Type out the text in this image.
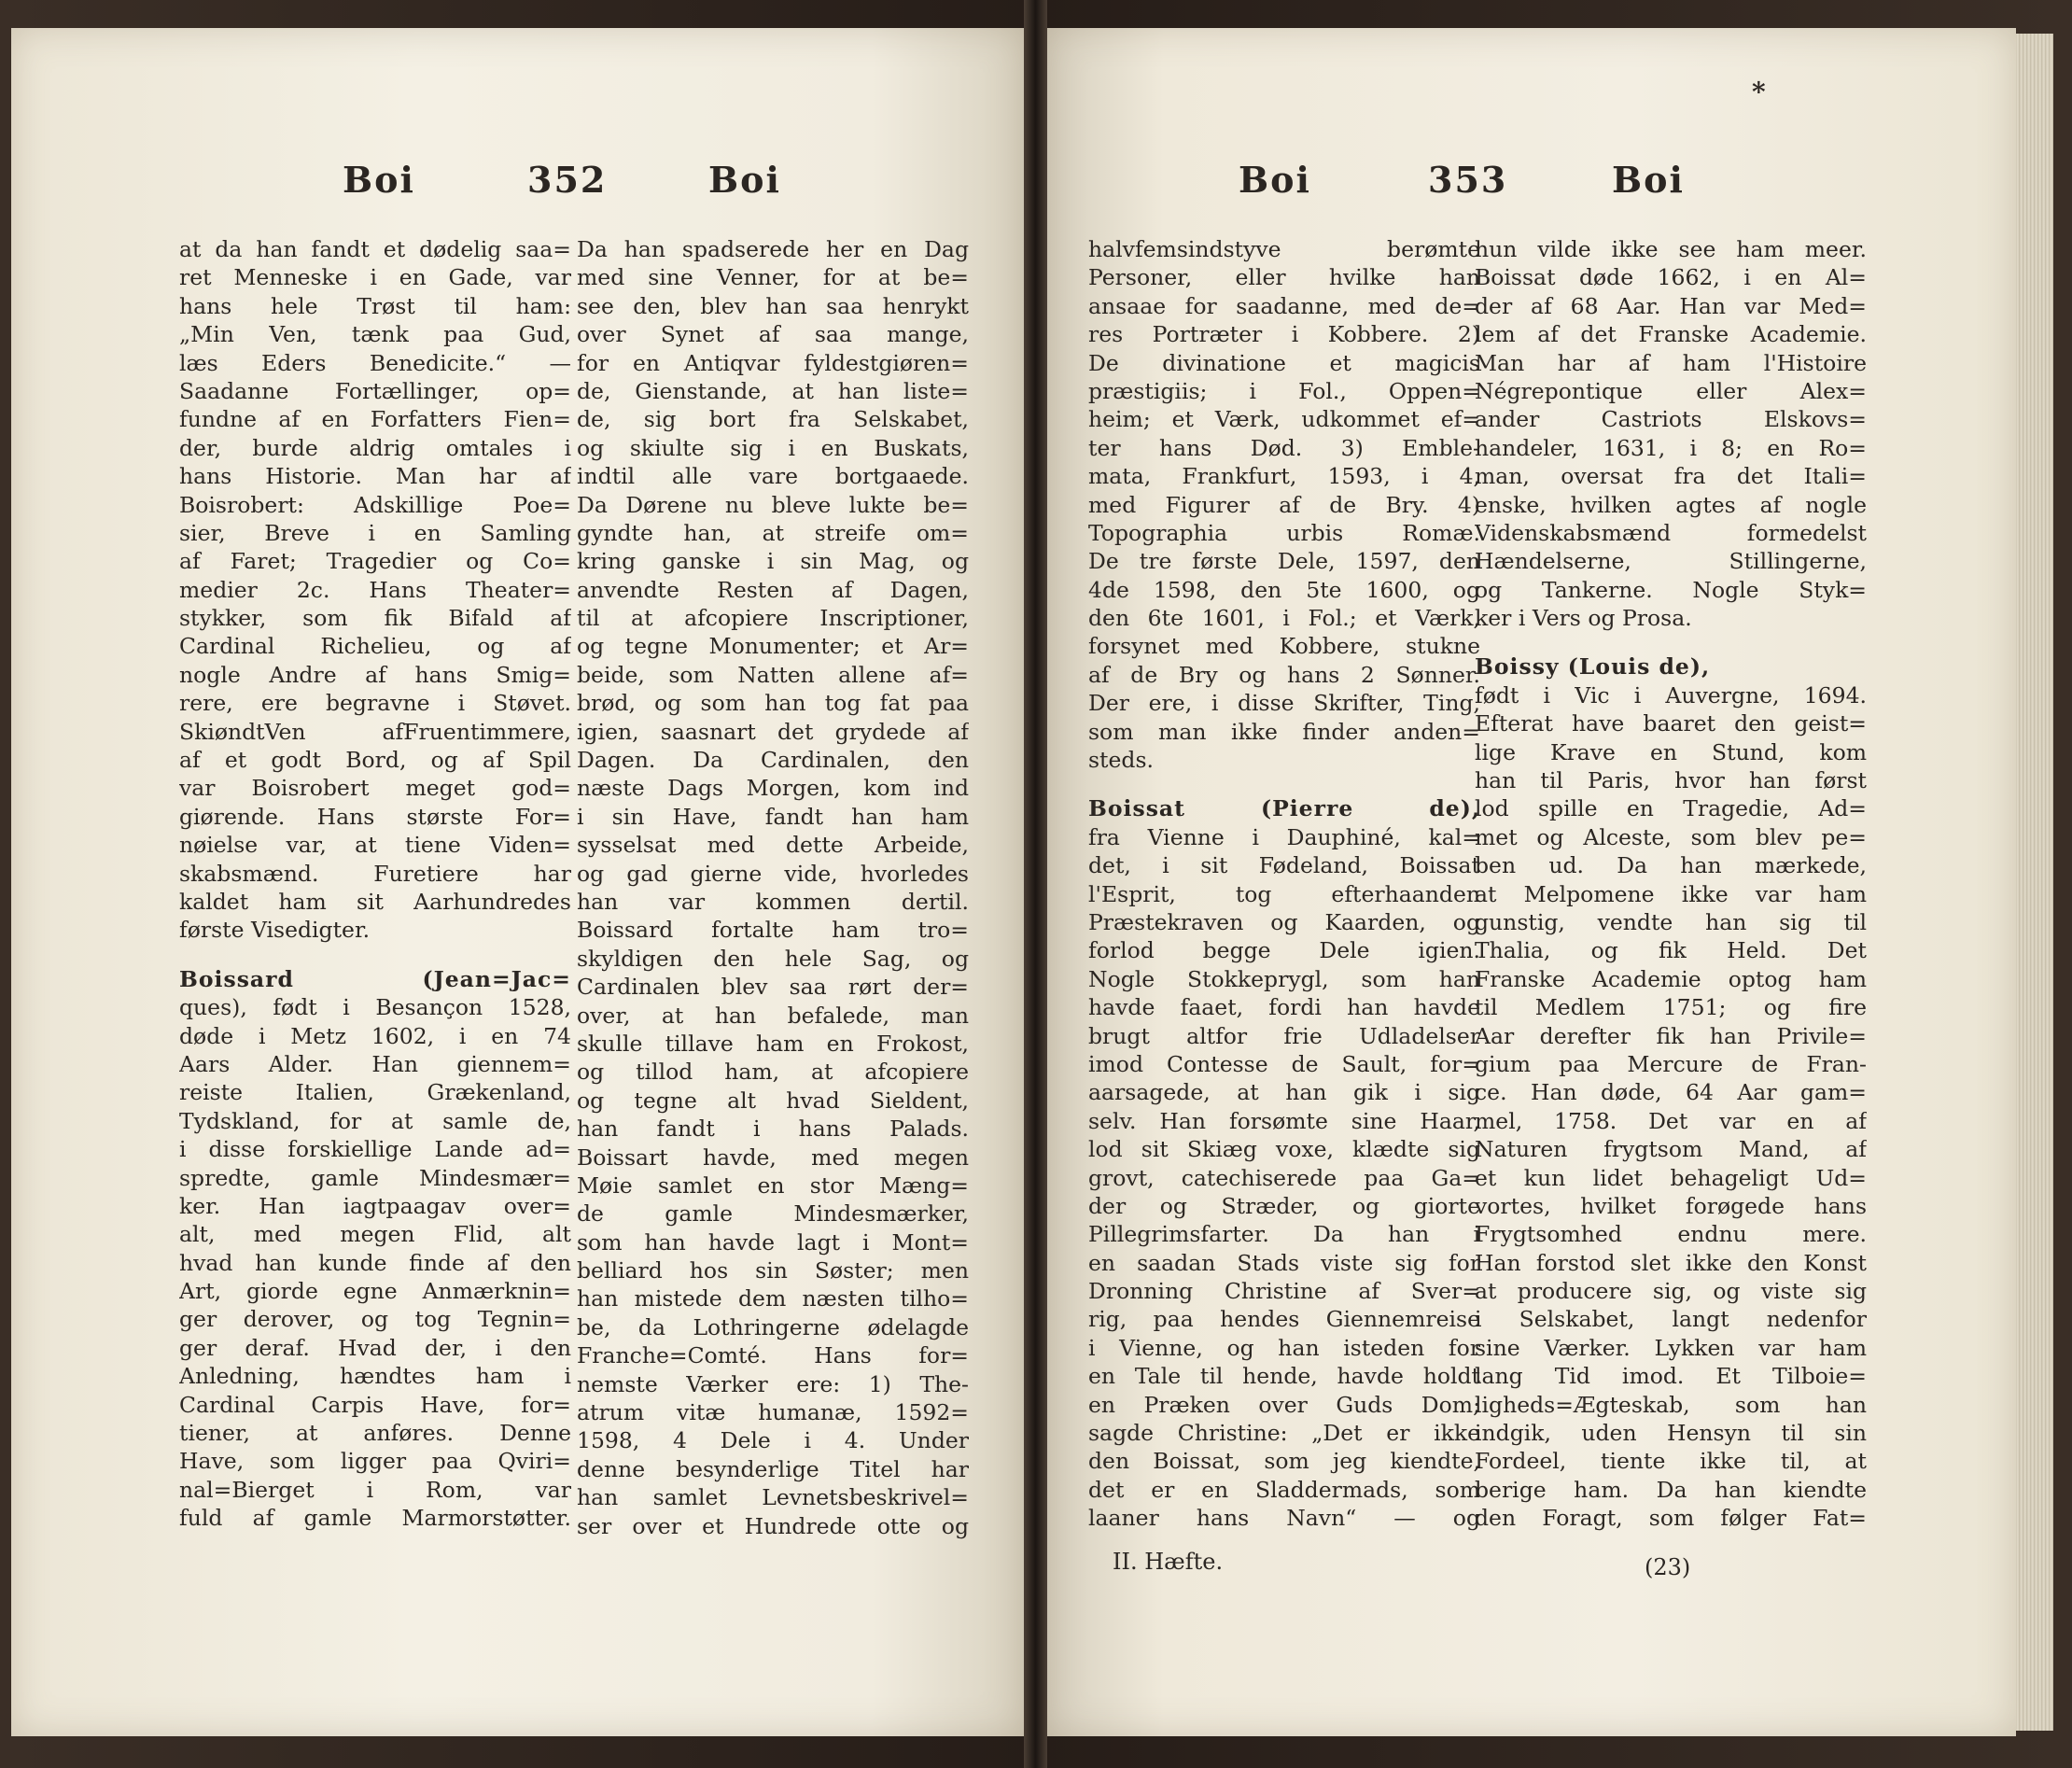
Boi	352	Boi
at da han fandt et dødelig saa=
ret Menneske i en Gade, var
hans hele Trøst til ham:
„Min Ven, tænk paa Gud,
læs Eders Benedicite.“ —
Saadanne Fortællinger, op=
fundne af en Forfatters Fien=
der, burde aldrig omtales i
hans Historie. Man har af
Boisrobert: Adskillige Poe=
sier, Breve i en Samling
af Faret; Tragedier og Co=
medier 2c. Hans Theater=
stykker, som fik Bifald af
Cardinal Richelieu, og af
nogle Andre af hans Smig=
rere, ere begravne i Støvet.
SkiøndtVen afFruentimmere,
af et godt Bord, og af Spil
var Boisrobert meget god=
giørende. Hans største For=
nøielse var, at tiene Viden=
skabsmænd. Furetiere har
kaldet ham sit Aarhundredes
første Visedigter.
Boissard (Jean=Jac=
ques), født i Besançon 1528,
døde i Metz 1602, i en 74
Aars Alder. Han giennem=
reiste Italien, Grækenland,
Tydskland, for at samle de,
i disse forskiellige Lande ad=
spredte, gamle Mindesmær=
ker. Han iagtpaagav over=
alt, med megen Flid, alt
hvad han kunde finde af den
Art, giorde egne Anmærknin=
ger derover, og tog Tegnin=
ger deraf. Hvad der, i den
Anledning, hændtes ham i
Cardinal Carpis Have, for=
tiener, at anføres. Denne
Have, som ligger paa Qviri=
nal=Bierget i Rom, var
fuld af gamle Marmorstøtter.
Da han spadserede her en Dag
med sine Venner, for at be=
see den, blev han saa henrykt
over Synet af saa mange,
for en Antiqvar fyldestgiøren=
de, Gienstande, at han liste=
de, sig bort fra Selskabet,
og skiulte sig i en Buskats,
indtil alle vare bortgaaede.
Da Dørene nu bleve lukte be=
gyndte han, at streife om=
kring ganske i sin Mag, og
anvendte Resten af Dagen,
til at afcopiere Inscriptioner,
og tegne Monumenter; et Ar=
beide, som Natten allene af=
brød, og som han tog fat paa
igien, saasnart det grydede af
Dagen. Da Cardinalen, den
næste Dags Morgen, kom ind
i sin Have, fandt han ham
sysselsat med dette Arbeide,
og gad gierne vide, hvorledes
han var kommen dertil.
Boissard fortalte ham tro=
skyldigen den hele Sag, og
Cardinalen blev saa rørt der=
over, at han befalede, man
skulle tillave ham en Frokost,
og tillod ham, at afcopiere
og tegne alt hvad Sieldent,
han fandt i hans Palads.
Boissart havde, med megen
Møie samlet en stor Mæng=
de gamle Mindesmærker,
som han havde lagt i Mont=
belliard hos sin Søster; men
han mistede dem næsten tilho=
be, da Lothringerne ødelagde
Franche=Comté. Hans for=
nemste Værker ere: 1) The-
atrum vitæ humanæ, 1592=
1598, 4 Dele i 4. Under
denne besynderlige Titel har
han samlet Levnetsbeskrivel=
ser over et Hundrede otte og
*
Boi	353	Boi
halvfemsindstyve berømte
Personer, eller hvilke han
ansaae for saadanne, med de=
res Portræter i Kobbere. 2)
De divinatione et magicis
præstigiis; i Fol., Oppen=
heim; et Værk, udkommet ef=
ter hans Død. 3) Emble-
mata, Frankfurt, 1593, i 4,
med Figurer af de Bry. 4)
Topographia urbis Romæ.
De tre første Dele, 1597, den
4de 1598, den 5te 1600, og
den 6te 1601, i Fol.; et Værk,
forsynet med Kobbere, stukne
af de Bry og hans 2 Sønner.
Der ere, i disse Skrifter, Ting,
som man ikke finder anden=
steds.
Boissat (Pierre de),
fra Vienne i Dauphiné, kal=
det, i sit Fødeland, Boissat
l'Esprit, tog efterhaanden
Præstekraven og Kaarden, og
forlod begge Dele igien.
Nogle Stokkeprygl, som han
havde faaet, fordi han havde
brugt altfor frie Udladelser
imod Contesse de Sault, for=
aarsagede, at han gik i sig
selv. Han forsømte sine Haar,
lod sit Skiæg voxe, klædte sig
grovt, catechiserede paa Ga=
der og Stræder, og giorte
Pillegrimsfarter. Da han i
en saadan Stads viste sig for
Dronning Christine af Sver=
rig, paa hendes Giennemreise
i Vienne, og han isteden for
en Tale til hende, havde holdt
en Præken over Guds Dom;
sagde Christine: „Det er ikke
den Boissat, som jeg kiendte,
det er en Sladdermads, som
laaner hans Navn“ — og
hun vilde ikke see ham meer.
Boissat døde 1662, i en Al=
der af 68 Aar. Han var Med=
lem af det Franske Academie.
Man har af ham l'Histoire
Négrepontique eller Alex=
ander Castriots Elskovs=
handeler, 1631, i 8; en Ro=
man, oversat fra det Itali=
enske, hvilken agtes af nogle
Videnskabsmænd formedelst
Hændelserne, Stillingerne,
og Tankerne. Nogle Styk=
ker i Vers og Prosa.
Boissy (Louis de),
født i Vic i Auvergne, 1694.
Efterat have baaret den geist=
lige Krave en Stund, kom
han til Paris, hvor han først
lod spille en Tragedie, Ad=
met og Alceste, som blev pe=
ben ud. Da han mærkede,
at Melpomene ikke var ham
gunstig, vendte han sig til
Thalia, og fik Held. Det
Franske Academie optog ham
til Medlem 1751; og fire
Aar derefter fik han Privile=
gium paa Mercure de Fran-
ce. Han døde, 64 Aar gam=
mel, 1758. Det var en af
Naturen frygtsom Mand, af
et kun lidet behageligt Ud=
vortes, hvilket forøgede hans
Frygtsomhed endnu mere.
Han forstod slet ikke den Konst
at producere sig, og viste sig
i Selskabet, langt nedenfor
sine Værker. Lykken var ham
lang Tid imod. Et Tilboie=
ligheds=Ægteskab, som han
indgik, uden Hensyn til sin
Fordeel, tiente ikke til, at
berige ham. Da han kiendte
den Foragt, som følger Fat=
II. Hæfte.	(23)
